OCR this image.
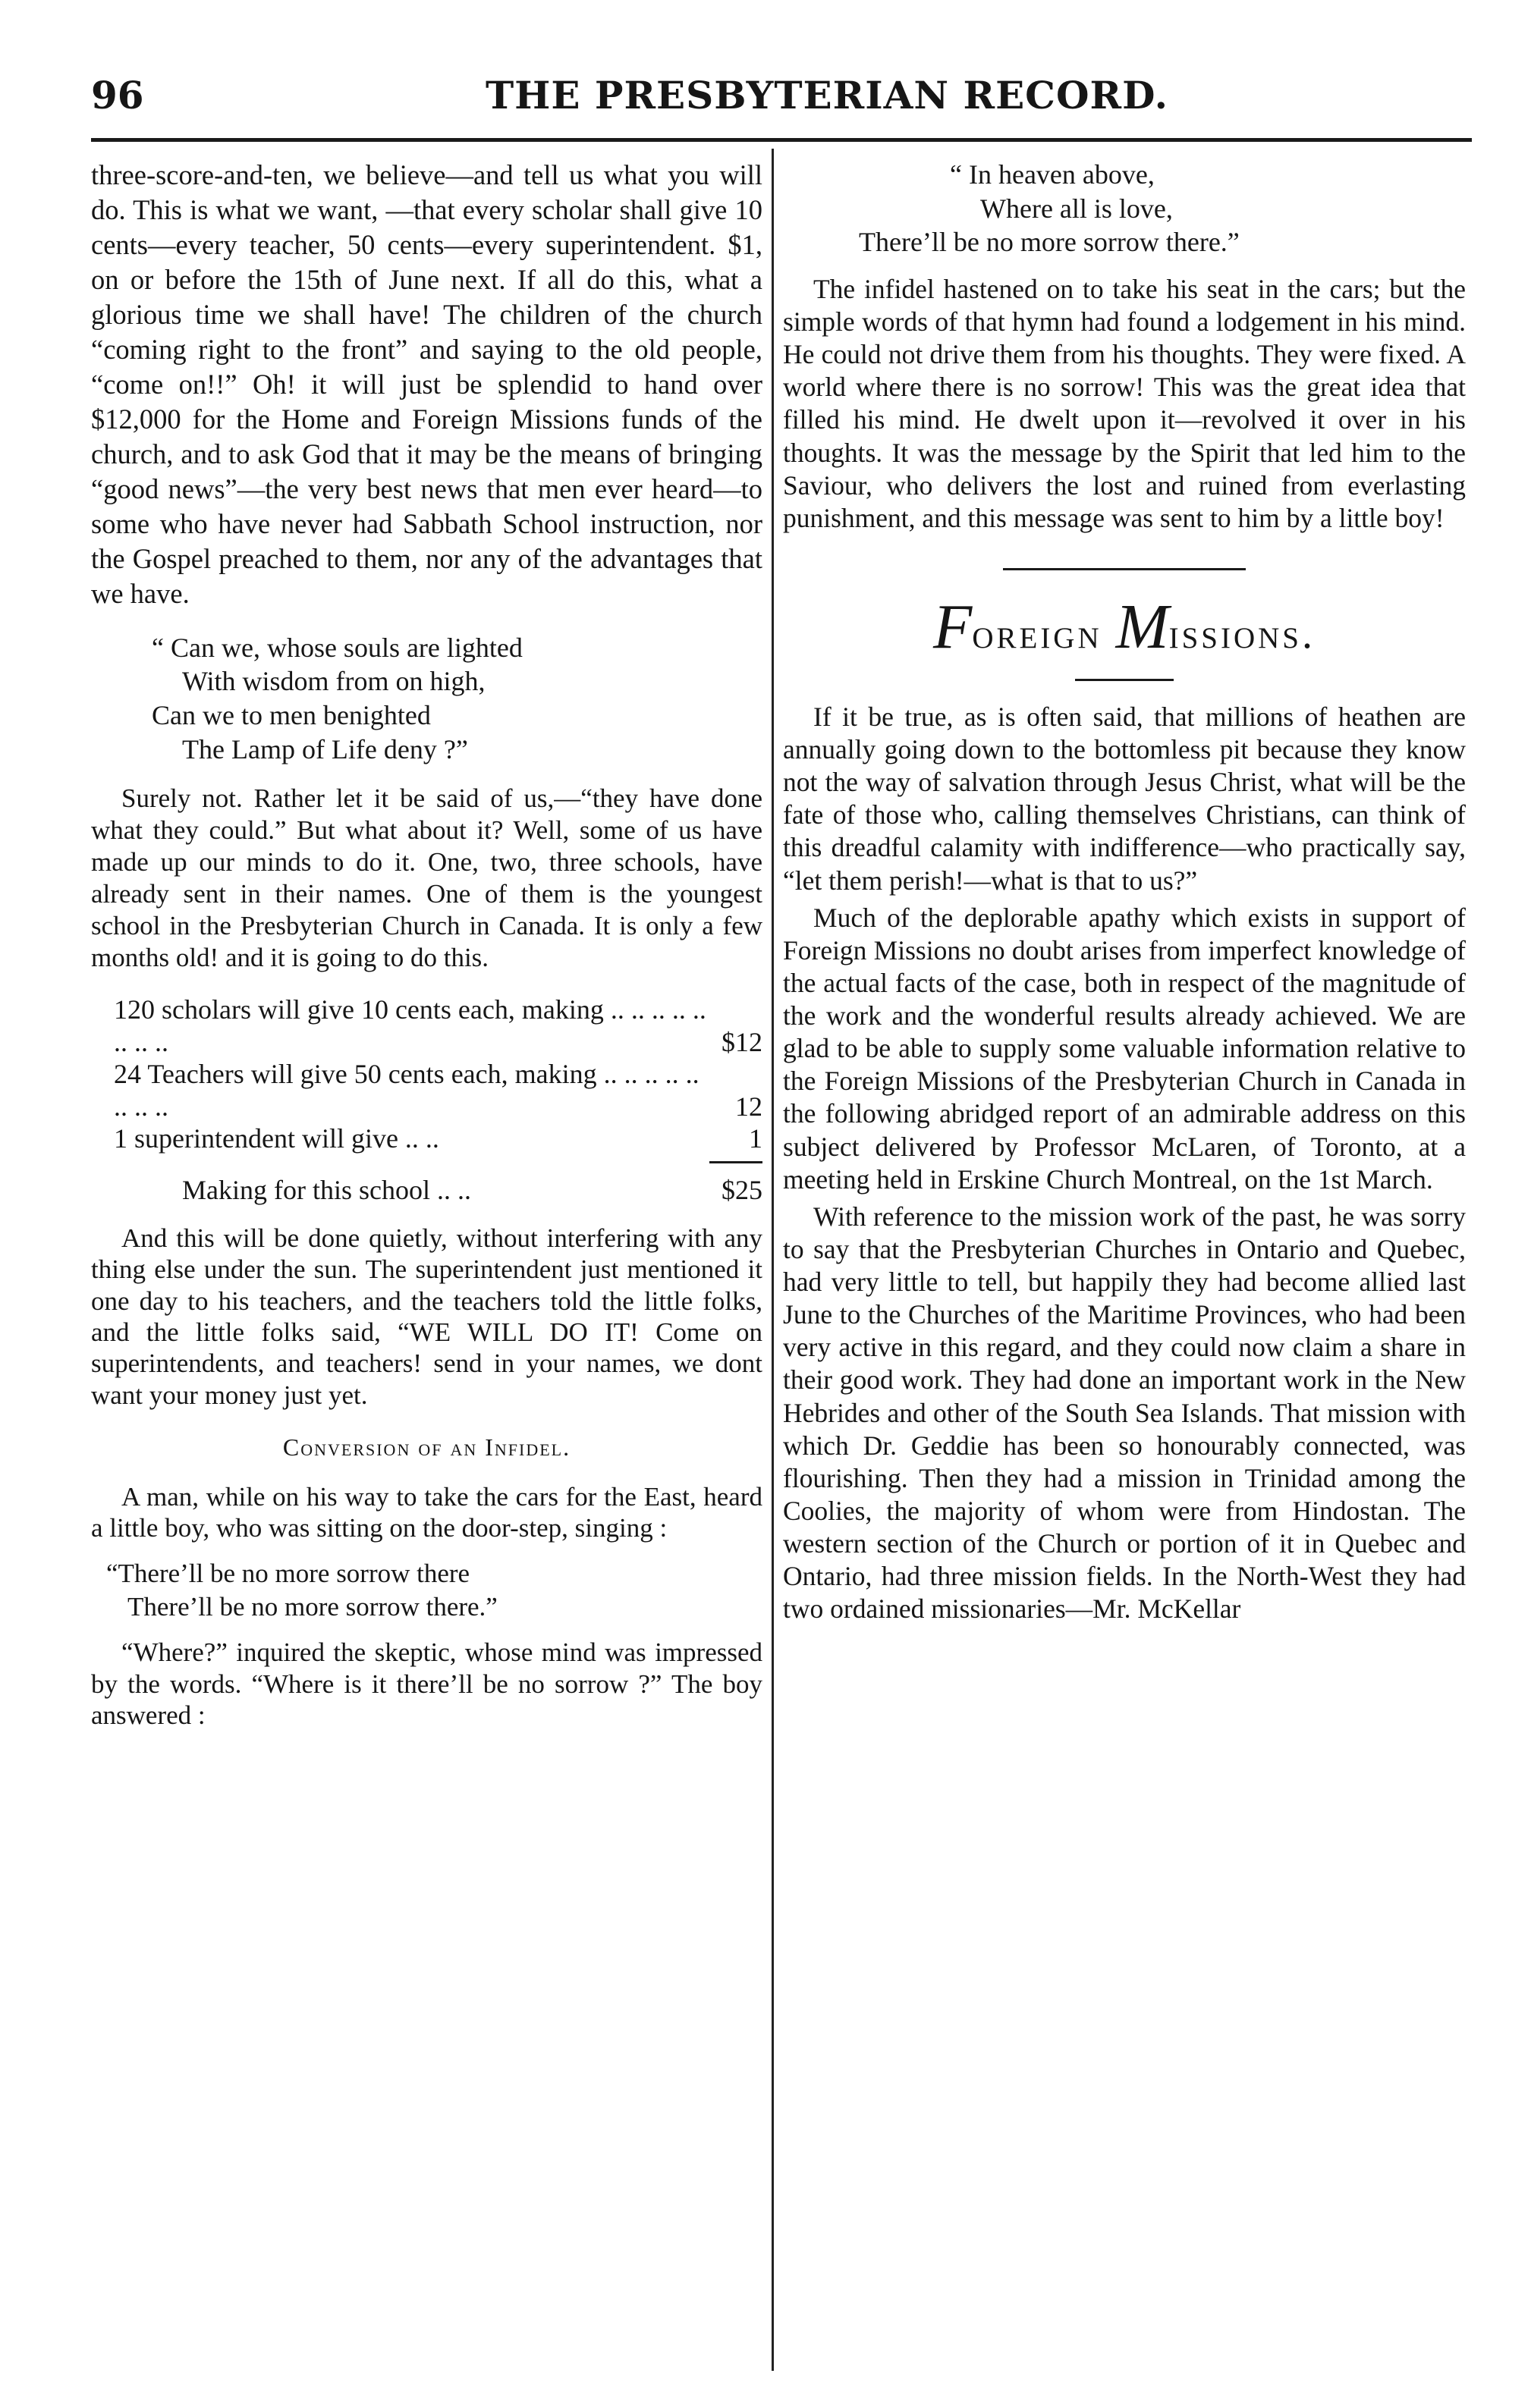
96	THE PRESBYTERIAN RECORD.

three-score-and-ten, we believe—and tell us what you will do. This is what we want, —that every scholar shall give 10 cents—every teacher, 50 cents—every superintendent. $1, on or before the 15th of June next. If all do this, what a glorious time we shall have! The children of the church “coming right to the front” and saying to the old people, “come on!!” Oh! it will just be splendid to hand over $12,000 for the Home and Foreign Missions funds of the church, and to ask God that it may be the means of bringing “good news”—the very best news that men ever heard—to some who have never had Sabbath School instruction, nor the Gospel preached to them, nor any of the advantages that we have.

“ Can we, whose souls are lighted
With wisdom from on high,
Can we to men benighted
The Lamp of Life deny ?”

Surely not. Rather let it be said of us,—“they have done what they could.” But what about it? Well, some of us have made up our minds to do it. One, two, three schools, have already sent in their names. One of them is the youngest school in the Presbyterian Church in Canada. It is only a few months old! and it is going to do this.

120 scholars will give 10 cents each, making .. .. .. .. .. .. .. ..	$12
24 Teachers will give 50 cents each, making .. .. .. .. .. .. .. ..	12
1 superintendent will give .. ..	1
Making for this school .. ..	$25

And this will be done quietly, without interfering with any thing else under the sun. The superintendent just mentioned it one day to his teachers, and the teachers told the little folks, and the little folks said, “WE WILL DO IT! Come on superintendents, and teachers! send in your names, we dont want your money just yet.

Conversion of an Infidel.

A man, while on his way to take the cars for the East, heard a little boy, who was sitting on the door-step, singing :

“There’ll be no more sorrow there
There’ll be no more sorrow there.”

“Where?” inquired the skeptic, whose mind was impressed by the words. “Where is it there’ll be no sorrow ?” The boy answered :

“ In heaven above,
Where all is love,
There’ll be no more sorrow there.”

The infidel hastened on to take his seat in the cars; but the simple words of that hymn had found a lodgement in his mind. He could not drive them from his thoughts. They were fixed. A world where there is no sorrow! This was the great idea that filled his mind. He dwelt upon it—revolved it over in his thoughts. It was the message by the Spirit that led him to the Saviour, who delivers the lost and ruined from everlasting punishment, and this message was sent to him by a little boy!

Foreign Missions.

If it be true, as is often said, that millions of heathen are annually going down to the bottomless pit because they know not the way of salvation through Jesus Christ, what will be the fate of those who, calling themselves Christians, can think of this dreadful calamity with indifference—who practically say, “let them perish!—what is that to us?”

Much of the deplorable apathy which exists in support of Foreign Missions no doubt arises from imperfect knowledge of the actual facts of the case, both in respect of the magnitude of the work and the wonderful results already achieved. We are glad to be able to supply some valuable information relative to the Foreign Missions of the Presbyterian Church in Canada in the following abridged report of an admirable address on this subject delivered by Professor McLaren, of Toronto, at a meeting held in Erskine Church Montreal, on the 1st March.

With reference to the mission work of the past, he was sorry to say that the Presbyterian Churches in Ontario and Quebec, had very little to tell, but happily they had become allied last June to the Churches of the Maritime Provinces, who had been very active in this regard, and they could now claim a share in their good work. They had done an important work in the New Hebrides and other of the South Sea Islands. That mission with which Dr. Geddie has been so honourably connected, was flourishing. Then they had a mission in Trinidad among the Coolies, the majority of whom were from Hindostan. The western section of the Church or portion of it in Quebec and Ontario, had three mission fields. In the North-West they had two ordained missionaries—Mr. McKellar
